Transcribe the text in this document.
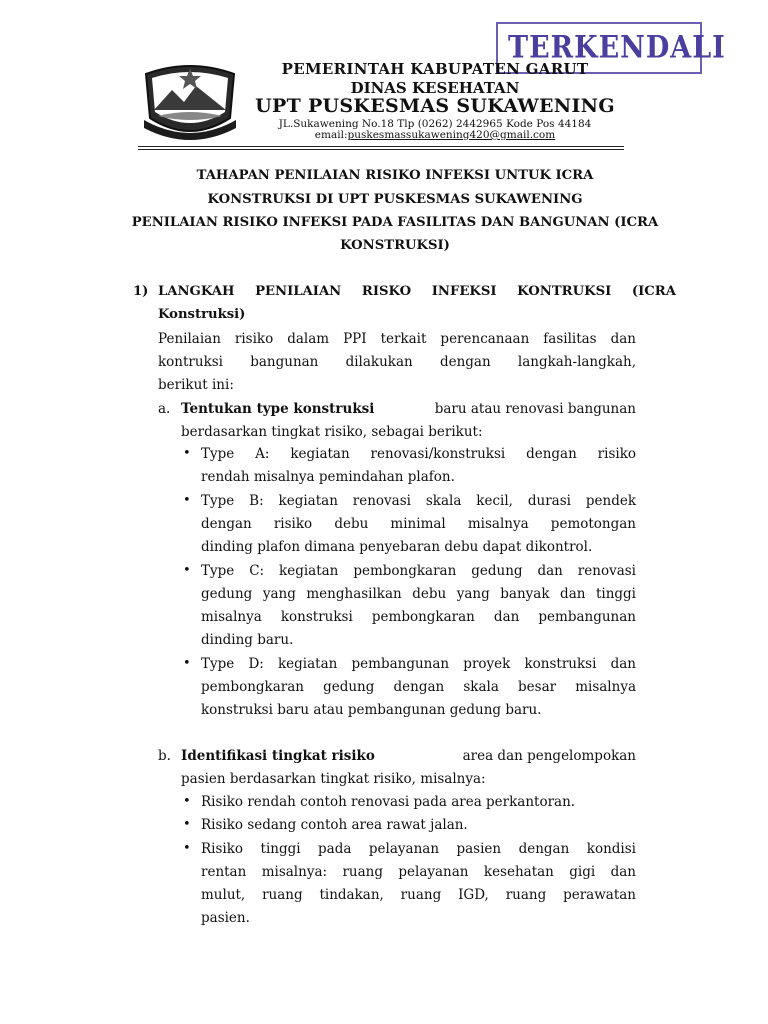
TERKENDALI
PEMERINTAH KABUPATEN GARUT
DINAS KESEHATAN
UPT PUSKESMAS SUKAWENING
JL.Sukawening No.18 Tlp (0262) 2442965 Kode Pos 44184
email:puskesmassukawening420@gmail.com
TAHAPAN PENILAIAN RISIKO INFEKSI UNTUK ICRA
KONSTRUKSI DI UPT PUSKESMAS SUKAWENING
PENILAIAN RISIKO INFEKSI PADA FASILITAS DAN BANGUNAN (ICRA
KONSTRUKSI)
1) LANGKAH PENILAIAN RISKO INFEKSI KONTRUKSI (ICRA
Konstruksi)
Penilaian risiko dalam PPI terkait perencanaan fasilitas dan
kontruksi bangunan dilakukan dengan langkah-langkah,
berikut ini:
a. Tentukan type konstruksi	baru atau renovasi bangunan
berdasarkan tingkat risiko, sebagai berikut:
• Type A: kegiatan renovasi/konstruksi dengan risiko
rendah misalnya pemindahan plafon.
• Type B: kegiatan renovasi skala kecil, durasi pendek
dengan risiko debu minimal misalnya pemotongan
dinding plafon dimana penyebaran debu dapat dikontrol.
• Type C: kegiatan pembongkaran gedung dan renovasi
gedung yang menghasilkan debu yang banyak dan tinggi
misalnya konstruksi pembongkaran dan pembangunan
dinding baru.
• Type D: kegiatan pembangunan proyek konstruksi dan
pembongkaran gedung dengan skala besar misalnya
konstruksi baru atau pembangunan gedung baru.
b. Identifikasi tingkat risiko	area dan pengelompokan
pasien berdasarkan tingkat risiko, misalnya:
• Risiko rendah contoh renovasi pada area perkantoran.
• Risiko sedang contoh area rawat jalan.
• Risiko tinggi pada pelayanan pasien dengan kondisi
rentan misalnya: ruang pelayanan kesehatan gigi dan
mulut, ruang tindakan, ruang IGD, ruang perawatan
pasien.
